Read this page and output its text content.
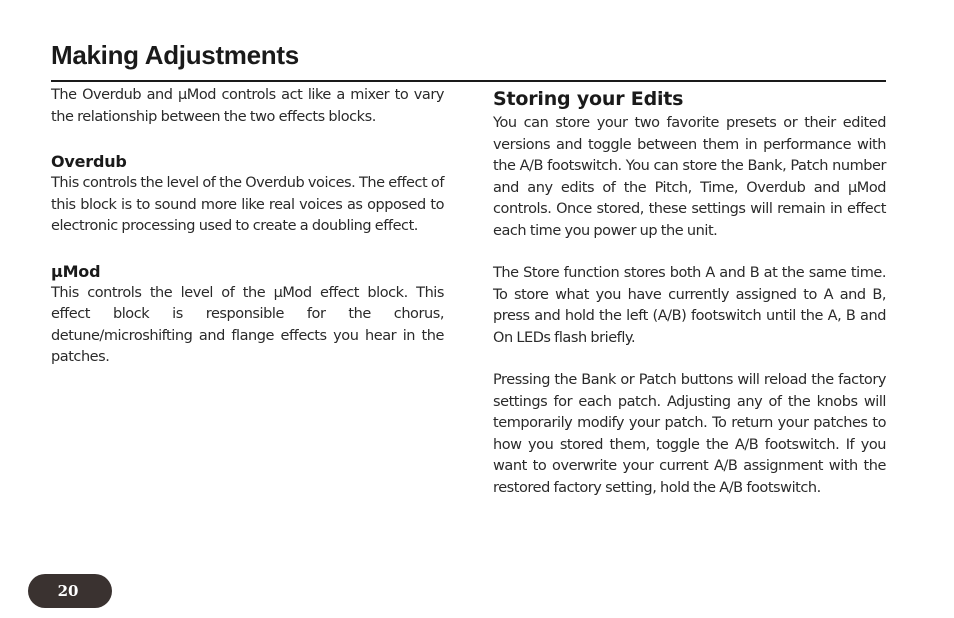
Making Adjustments

The Overdub and µMod controls act like a mixer to vary the relationship between the two effects blocks.

Overdub

This controls the level of the Overdub voices. The effect of this block is to sound more like real voices as opposed to electronic processing used to create a doubling effect.

µMod

This controls the level of the µMod effect block. This effect block is responsible for the chorus, detune/microshifting and flange effects you hear in the patches.

Storing your Edits

You can store your two favorite presets or their edited versions and toggle between them in performance with the A/B footswitch. You can store the Bank, Patch number and any edits of the Pitch, Time, Overdub and µMod controls. Once stored, these settings will remain in effect each time you power up the unit.

The Store function stores both A and B at the same time. To store what you have currently assigned to A and B, press and hold the left (A/B) footswitch until the A, B and On LEDs flash briefly.

Pressing the Bank or Patch buttons will reload the factory settings for each patch. Adjusting any of the knobs will temporarily modify your patch. To return your patches to how you stored them, toggle the A/B footswitch. If you want to overwrite your current A/B assignment with the restored factory setting, hold the A/B footswitch.

20
